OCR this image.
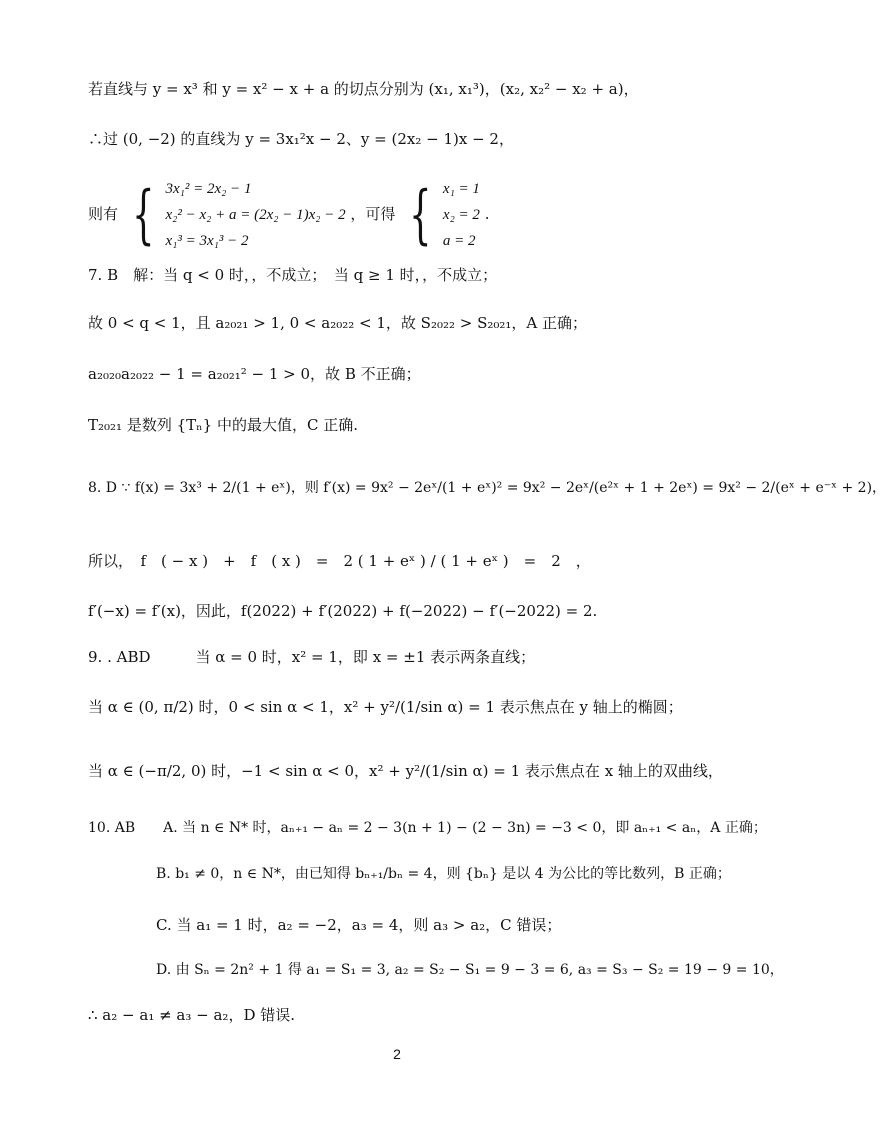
若直线与 y = x³ 和 y = x² − x + a 的切点分别为 (x₁, x₁³)，(x₂, x₂² − x₂ + a)，
∴过 (0, −2) 的直线为 y = 3x₁²x − 2、y = (2x₂ − 1)x − 2，
则有 { 3x₁² = 2x₂ − 1
x₂² − x₂ + a = (2x₂ − 1)x₂ − 2
x₁³ = 3x₁³ − 2
，可得 { x₁ = 1
x₂ = 2
a = 2
.
7. B　解：当 q < 0 时，，不成立；　当 q ≥ 1 时，，不成立；
故 0 < q < 1，且 a₂₀₂₁ > 1, 0 < a₂₀₂₂ < 1，故 S₂₀₂₂ > S₂₀₂₁，A 正确；
a₂₀₂₀a₂₀₂₂ − 1 = a₂₀₂₁² − 1 > 0，故 B 不正确；
T₂₀₂₁ 是数列 {Tₙ} 中的最大值，C 正确.
8. D ∵ f(x) = 3x³ + 2/(1 + eˣ)，则 f′(x) = 9x² − 2eˣ/(1 + eˣ)² = 9x² − 2eˣ/(e²ˣ + 1 + 2eˣ) = 9x² − 2/(eˣ + e⁻ˣ + 2)，
所以，　f　( − x )　+　f　( x )　=　2 ( 1 + eˣ ) / ( 1 + eˣ )　=　2　，
f′(−x) = f′(x)，因此，f(2022) + f′(2022) + f(−2022) − f′(−2022) = 2.
9. . ABD　　　当 α = 0 时，x² = 1，即 x = ±1 表示两条直线；
当 α ∈ (0, π/2) 时，0 < sin α < 1，x² + y²/(1/sin α) = 1 表示焦点在 y 轴上的椭圆；
当 α ∈ (−π/2, 0) 时，−1 < sin α < 0，x² + y²/(1/sin α) = 1 表示焦点在 x 轴上的双曲线，
10. AB　　A. 当 n ∈ N* 时，aₙ₊₁ − aₙ = 2 − 3(n + 1) − (2 − 3n) = −3 < 0，即 aₙ₊₁ < aₙ，A 正确；
B. b₁ ≠ 0，n ∈ N*，由已知得 bₙ₊₁/bₙ = 4，则 {bₙ} 是以 4 为公比的等比数列，B 正确；
C. 当 a₁ = 1 时，a₂ = −2，a₃ = 4，则 a₃ > a₂，C 错误；
D. 由 Sₙ = 2n² + 1 得 a₁ = S₁ = 3, a₂ = S₂ − S₁ = 9 − 3 = 6, a₃ = S₃ − S₂ = 19 − 9 = 10，
∴ a₂ − a₁ ≠ a₃ − a₂，D 错误.
2
